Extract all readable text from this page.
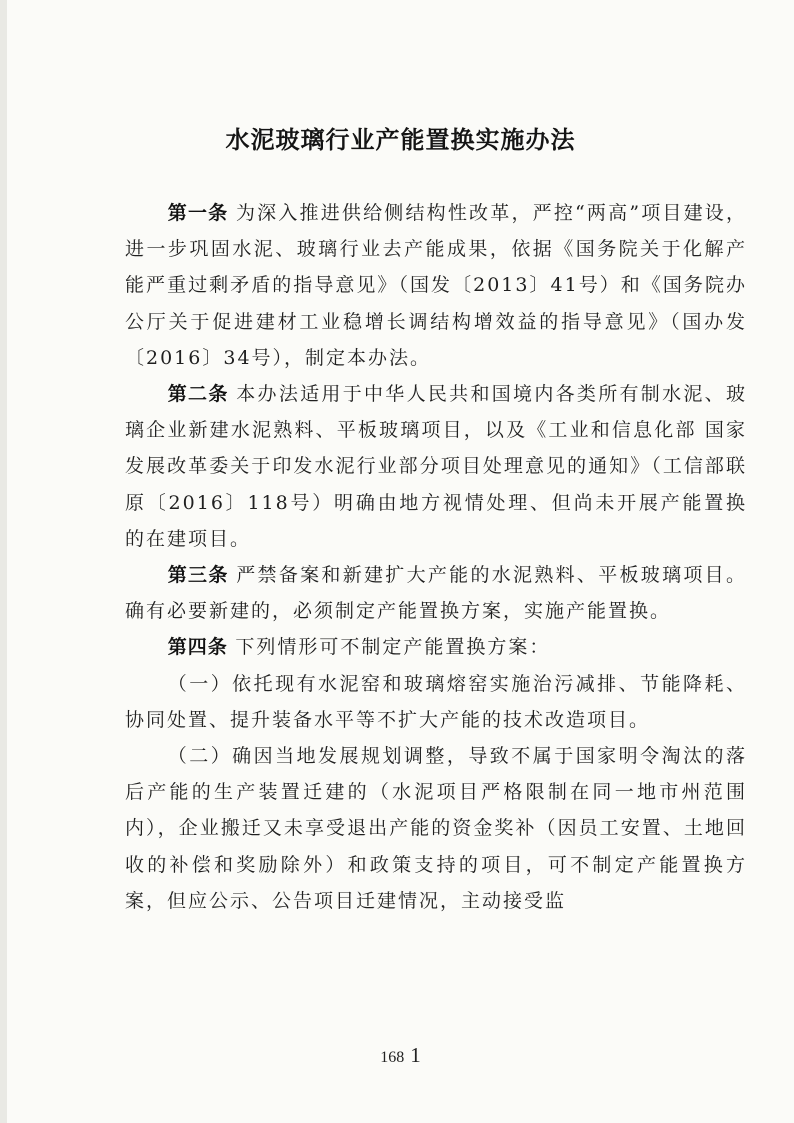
水泥玻璃行业产能置换实施办法

第一条 为深入推进供给侧结构性改革，严控“两高”项目建设，进一步巩固水泥、玻璃行业去产能成果，依据《国务院关于化解产能严重过剩矛盾的指导意见》（国发〔2013〕41号）和《国务院办公厅关于促进建材工业稳增长调结构增效益的指导意见》（国办发〔2016〕34号），制定本办法。

第二条 本办法适用于中华人民共和国境内各类所有制水泥、玻璃企业新建水泥熟料、平板玻璃项目，以及《工业和信息化部 国家发展改革委关于印发水泥行业部分项目处理意见的通知》（工信部联原〔2016〕118号）明确由地方视情处理、但尚未开展产能置换的在建项目。

第三条 严禁备案和新建扩大产能的水泥熟料、平板玻璃项目。确有必要新建的，必须制定产能置换方案，实施产能置换。

第四条 下列情形可不制定产能置换方案：

（一）依托现有水泥窑和玻璃熔窑实施治污减排、节能降耗、协同处置、提升装备水平等不扩大产能的技术改造项目。

（二）确因当地发展规划调整，导致不属于国家明令淘汰的落后产能的生产装置迁建的（水泥项目严格限制在同一地市州范围内），企业搬迁又未享受退出产能的资金奖补（因员工安置、土地回收的补偿和奖励除外）和政策支持的项目，可不制定产能置换方案，但应公示、公告项目迁建情况，主动接受监

168 1
